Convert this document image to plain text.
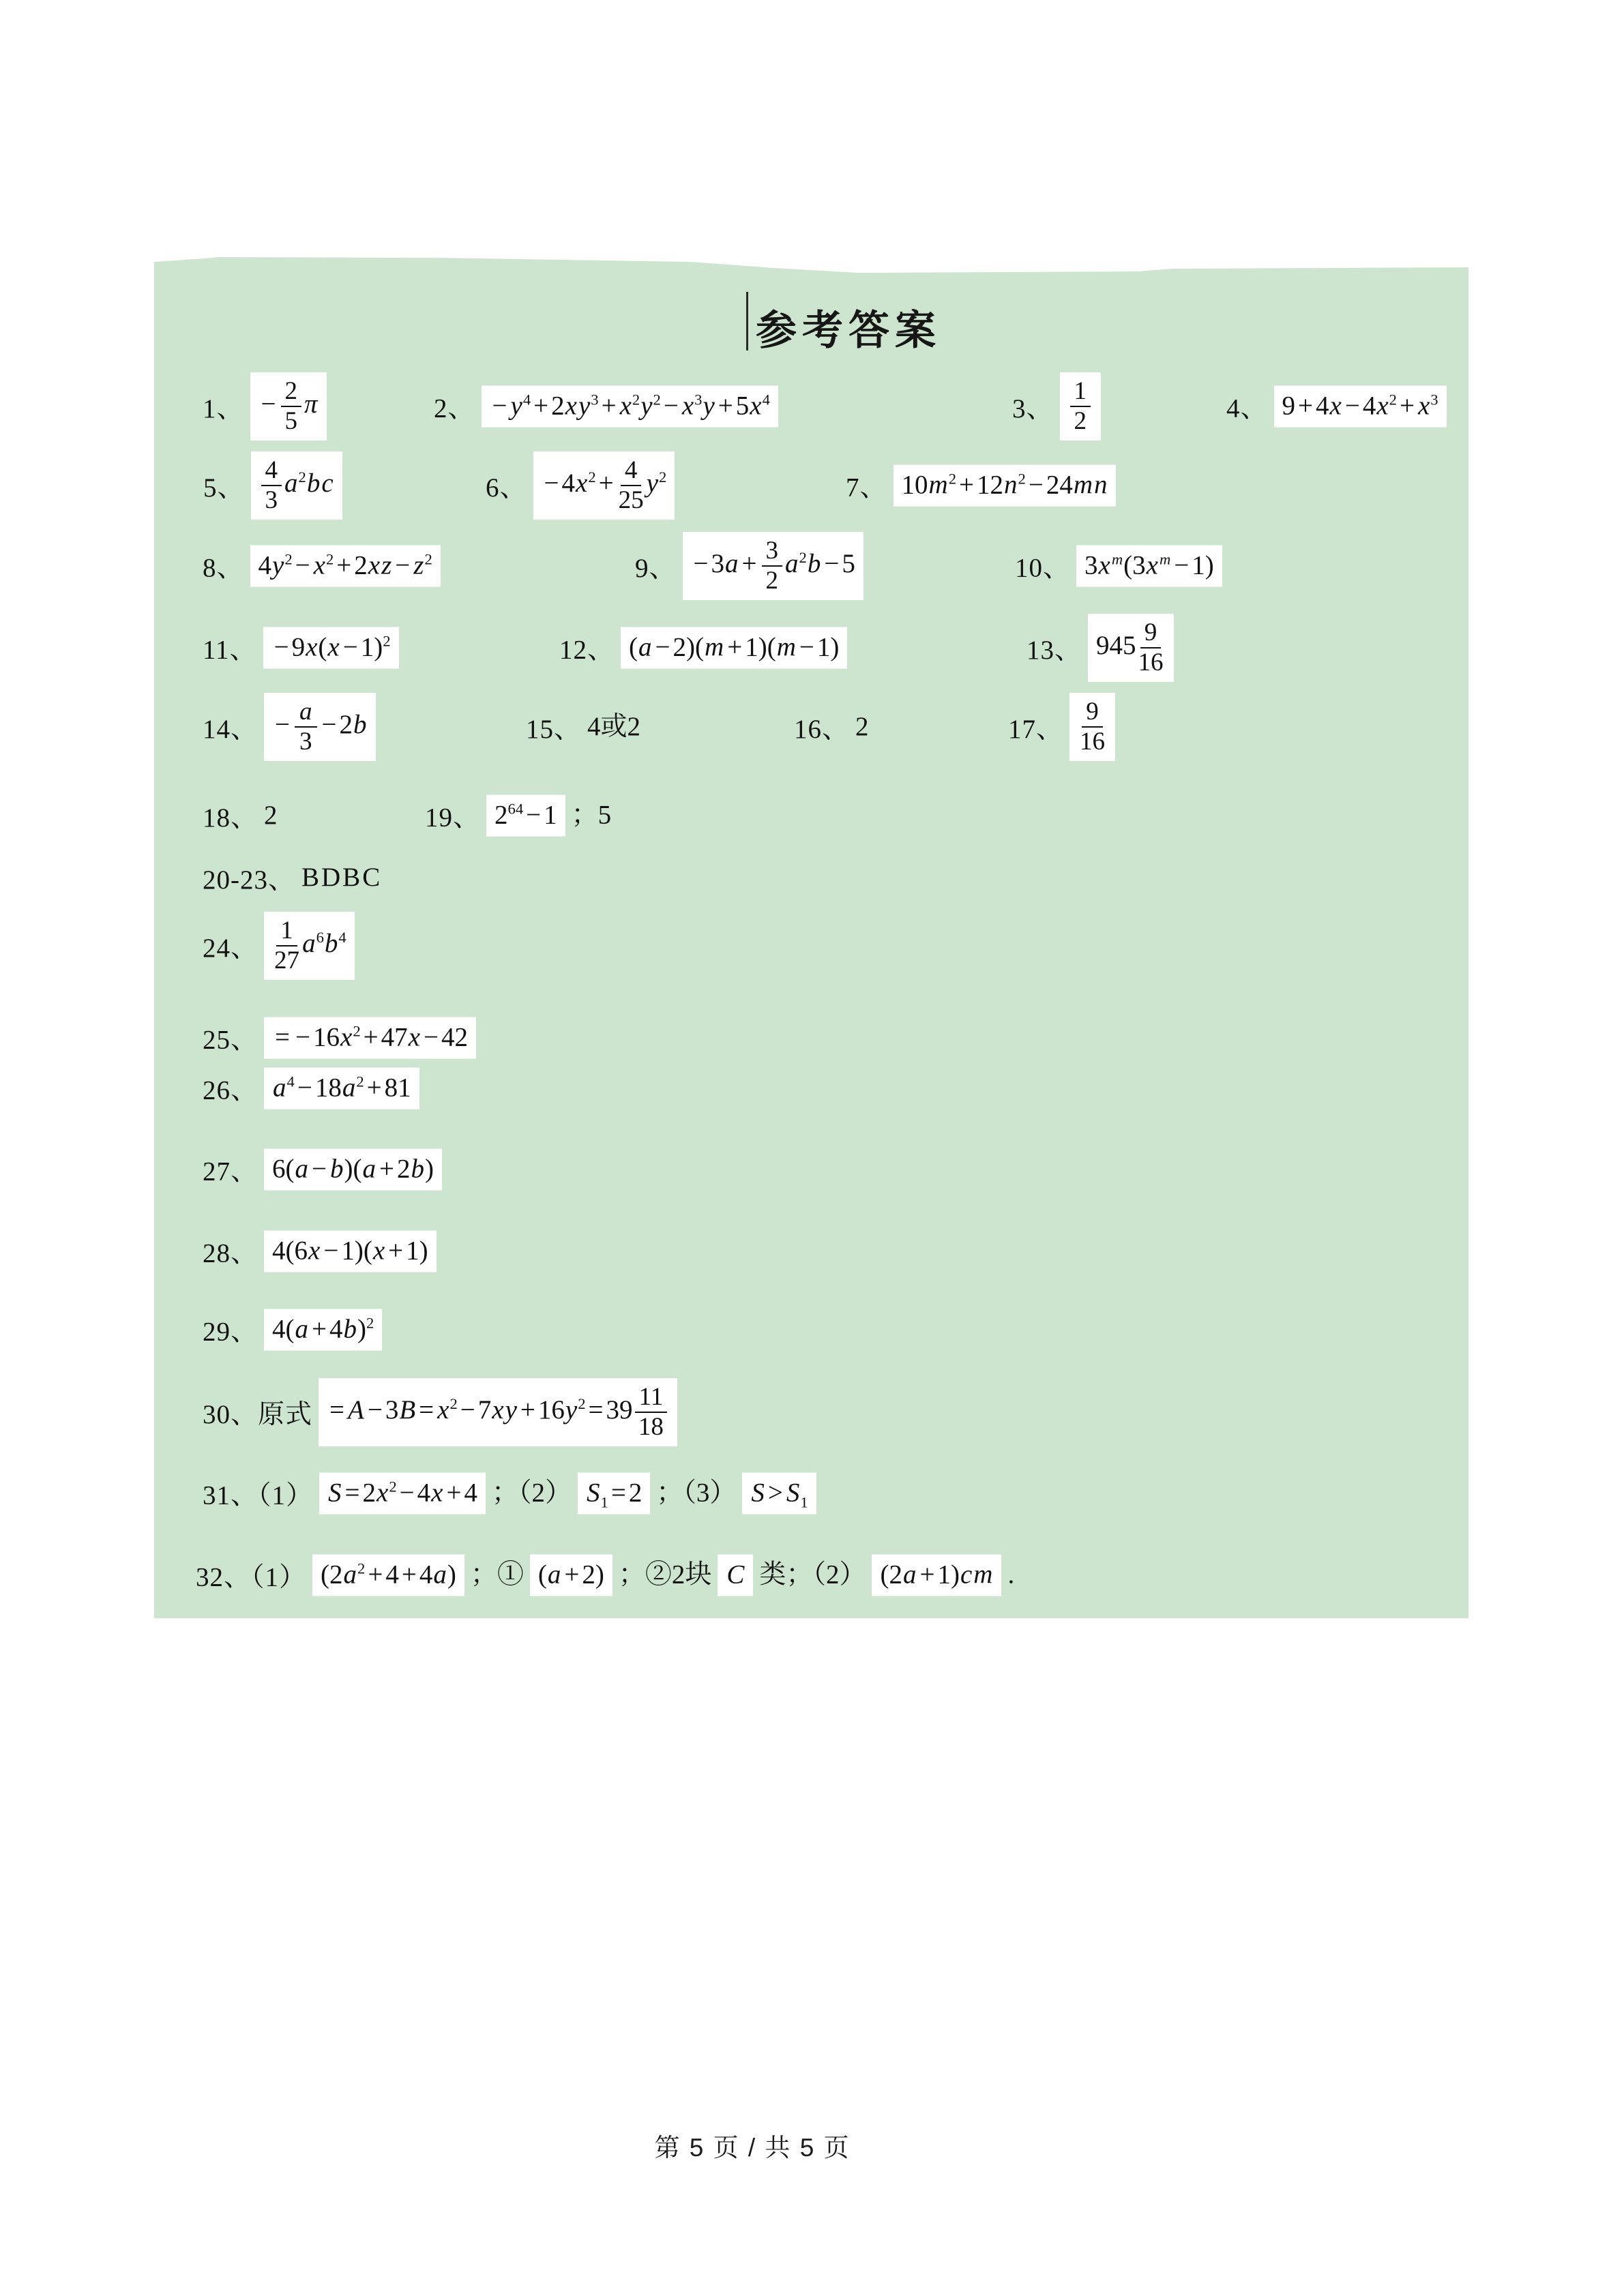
参考答案
1、 − $\frac{2}{5}$ π	2、 − $y^4 + 2xy^3 + x^2y^2 - x^3y + 5x^4$	3、 $\frac{1}{2}$	4、 $9 + 4x - 4x^2 + x^3$
5、 $\frac{4}{3} a^2bc$	6、 − $4x^2 + \frac{4}{25} y^2$	7、 $10m^2 + 12n^2 - 24mn$
8、 $4y^2 - x^2 + 2xz - z^2$	9、 − $3a + \frac{3}{2} a^2b - 5$	10、 $3x^m(3x^m - 1)$
11、 − $9x(x - 1)^2$	12、 (a − 2)(m + 1)(m − 1)	13、 $945 \frac{9}{16}$
14、 − $\frac{a}{3} - 2b$	15、 4或2	16、 2	17、 $\frac{9}{16}$
18、 2	19、 $2^{64} - 1$ ；5
20-23、 BDBC
24、 $\frac{1}{27} a^6b^4$
25、 = − $16x^2 + 47x - 42$
26、 $a^4 - 18a^2 + 81$
27、 6(a − b)(a + 2b)
28、 4(6x − 1)(x + 1)
29、 $4(a + 4b)^2$
30、原式 = $A - 3B = x^2 - 7xy + 16y^2 = 39 \frac{11}{18}$
31、（1） $S = 2x^2 - 4x + 4$ ；（2） $S_1 = 2$ ；（3） $S > S_1$
32、（1） $(2a^2 + 4 + 4a)$ ；① (a + 2) ；②2块 C 类；（2） (2a + 1)cm .
第 5 页 / 共 5 页
